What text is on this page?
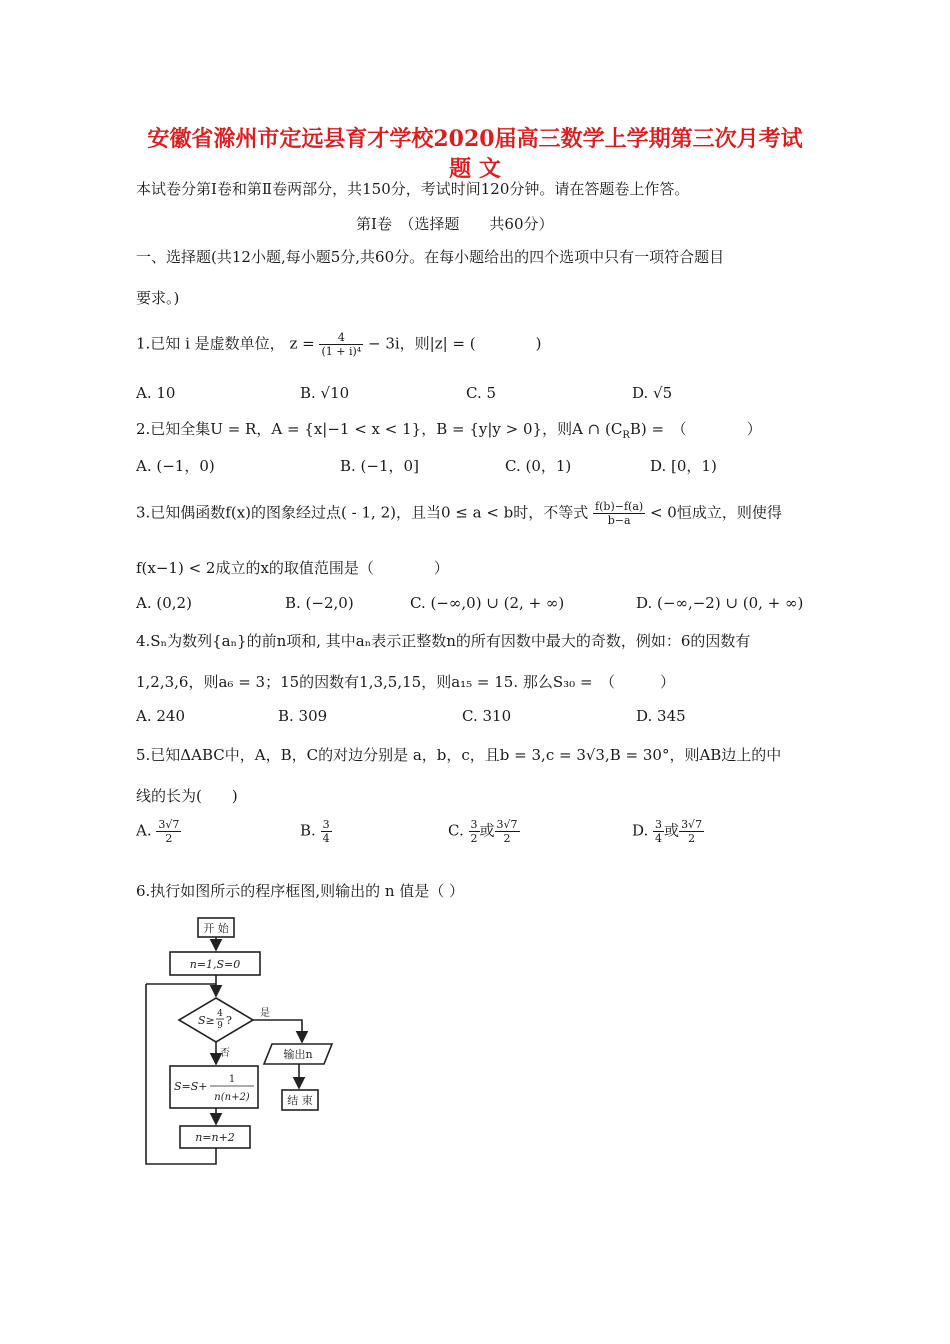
安徽省滁州市定远县育才学校2020届高三数学上学期第三次月考试
题 文
本试卷分第Ⅰ卷和第Ⅱ卷两部分，共150分，考试时间120分钟。请在答题卷上作答。
第Ⅰ卷　（选择题　　共60分）
一、选择题(共12小题,每小题5分,共60分。在每小题给出的四个选项中只有一项符合题目
要求。)
1.已知 i 是虚数单位， $z = \frac{4}{\text{(1 + i)⁴}} - 3i$，则|z| = (　　　　)
A. 10	B. √10	C. 5	D. √5
2.已知全集U = R，A = {x|−1 < x < 1}，B = {y|y > 0}，则A ∩ $(C_RB)$ =　（　　　　）
A. (−1，0)	B. (−1，0]	C. (0，1)	D. [0，1)
3.已知偶函数f(x)的图象经过点( - 1, 2)，且当0 ≤ a < b时，不等式 $\frac{f(b)-f(a)}{b-a} < 0$恒成立，则使得
f(x−1) < 2成立的x的取值范围是（　　　　）
A. (0,2)	B. (−2,0)	C. (−∞,0) ∪ (2, + ∞)	D. (−∞,−2) ∪ (0, + ∞)
4.Sₙ为数列{aₙ}的前n项和, 其中aₙ表示正整数n的所有因数中最大的奇数，例如：6的因数有
1,2,3,6，则a₆ = 3；15的因数有1,3,5,15，则a₁₅ = 15. 那么S₃₀ =　（　　　）
A. 240	B. 309	C. 310	D. 345
5.已知ΔABC中，A，B，C的对边分别是 a，b，c，且b = 3,c = 3√3,B = 30°，则AB边上的中
线的长为(　　)
A. $\frac{3√7}{2}$	B. $\frac{3}{4}$	C. $\frac{3}{2}$ 或 $\frac{3√7}{2}$	D. $\frac{3}{4}$ 或 $\frac{3√7}{2}$
6.执行如图所示的程序框图,则输出的 n 值是（ ）
开 始
n=1,S=0
S≥ 4
9 ?
是
否	输出n
结 束
S=S+
1
n(n+2)
n=n+2
